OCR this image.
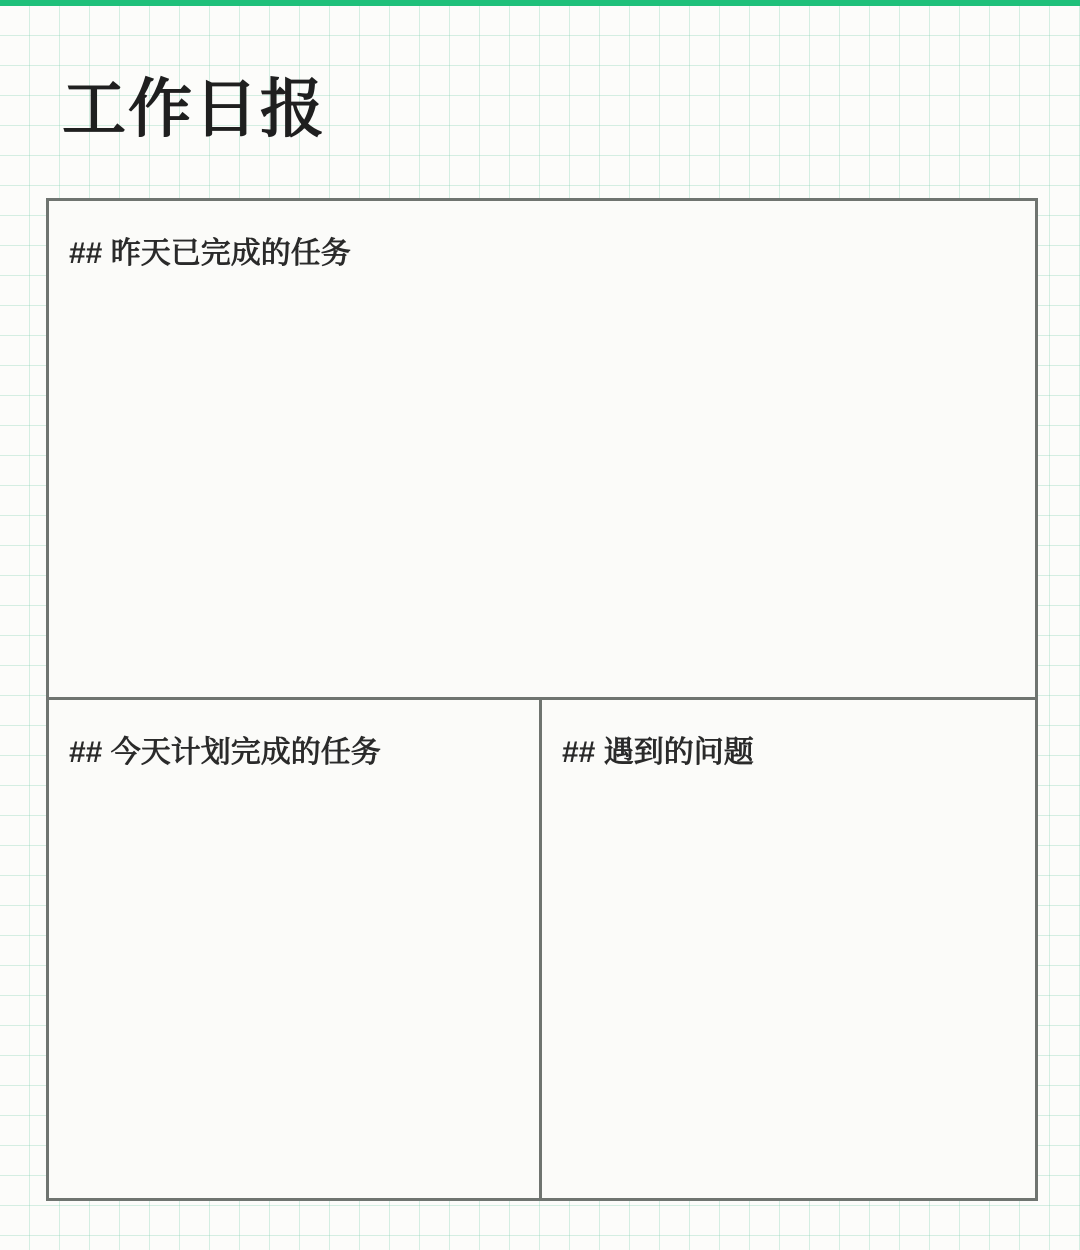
工作日报
## 昨天已完成的任务
## 今天计划完成的任务	## 遇到的问题
